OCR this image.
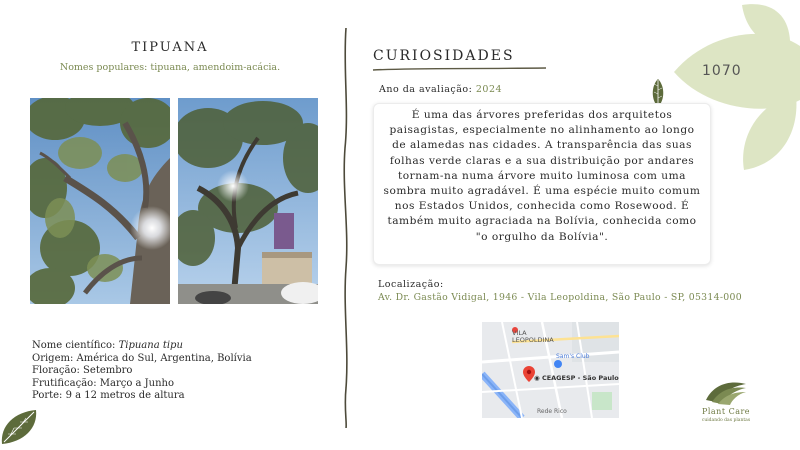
1070
TIPUANA
Nomes populares: tipuana, amendoim-acácia.
Nome científico: Tipuana tipu
Origem: América do Sul, Argentina, Bolívia
Floração: Setembro
Frutificação: Março a Junho
Porte: 9 a 12 metros de altura
CURIOSIDADES
Ano da avaliação: 2024

É uma das árvores preferidas dos arquitetos paisagistas, especialmente no alinhamento ao longo de alamedas nas cidades. A transparência das suas folhas verde claras e a sua distribuição por andares tornam-na numa árvore muito luminosa com uma sombra muito agradável. É uma espécie muito comum nos Estados Unidos, conhecida como Rosewood. É também muito agraciada na Bolívia, conhecida como "o orgulho da Bolívia".

Localização:
Av. Dr. Gastão Vidigal, 1946 - Vila Leopoldina, São Paulo - SP, 05314-000
VILA
LEOPOLDINA
Sam's Club
◉ CEAGESP - São Paulo
Rede Rico	Plant Care
cuidando das plantas
